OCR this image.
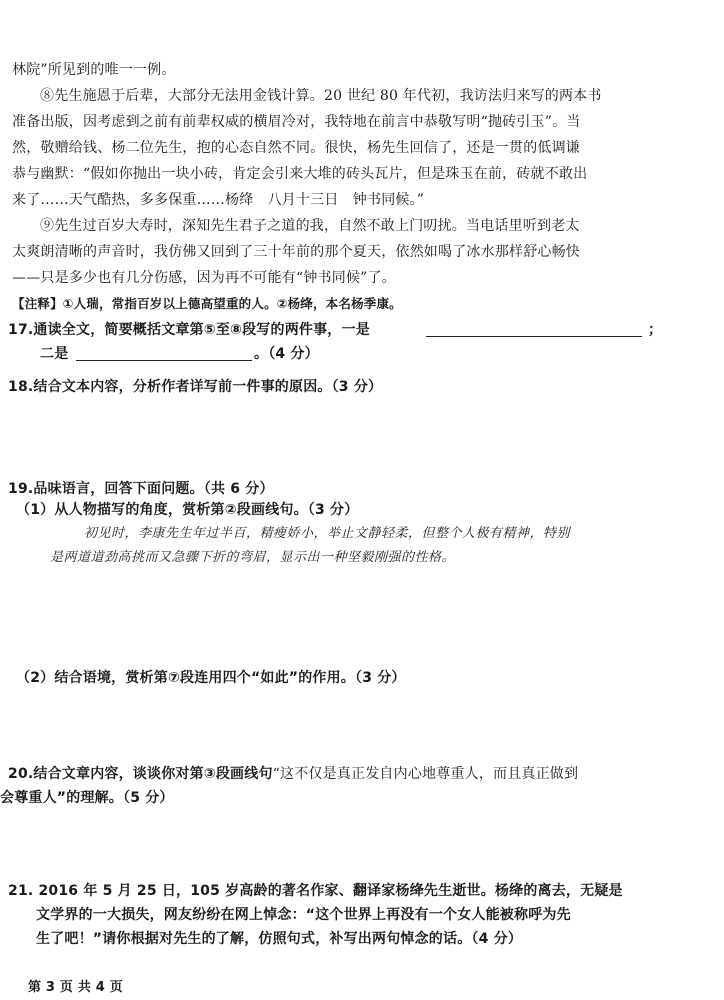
林院”所见到的唯一一例。
⑧先生施恩于后辈，大部分无法用金钱计算。20 世纪 80 年代初，我访法归来写的两本书
准备出版，因考虑到之前有前辈权威的横眉冷对，我特地在前言中恭敬写明“抛砖引玉”。当
然，敬赠给钱、杨二位先生，抱的心态自然不同。很快，杨先生回信了，还是一贯的低调谦
恭与幽默：“假如你抛出一块小砖，肯定会引来大堆的砖头瓦片，但是珠玉在前，砖就不敢出
来了……天气酷热，多多保重……杨绛　八月十三日　钟书同候。”
⑨先生过百岁大寿时，深知先生君子之道的我，自然不敢上门叨扰。当电话里听到老太
太爽朗清晰的声音时，我仿佛又回到了三十年前的那个夏天，依然如喝了冰水那样舒心畅快
——只是多少也有几分伤感，因为再不可能有“钟书同候”了。
【注释】①人瑞，常指百岁以上德高望重的人。②杨绛，本名杨季康。
17.通读全文，简要概括文章第⑤至⑧段写的两件事，一是	；
二是	。（4 分）
18.结合文本内容，分析作者详写前一件事的原因。（3 分）
19.品味语言，回答下面问题。（共 6 分）
（1）从人物描写的角度，赏析第②段画线句。（3 分）
初见时，李康先生年过半百，精瘦娇小，举止文静轻柔，但整个人极有精神，特别
是两道道劲高挑而又急骤下折的弯眉，显示出一种坚毅刚强的性格。
（2）结合语境，赏析第⑦段连用四个“如此”的作用。（3 分）
20.结合文章内容，谈谈你对第③段画线句“这不仅是真正发自内心地尊重人，而且真正做到
会尊重人”的理解。（5 分）
21. 2016 年 5 月 25 日，105 岁高龄的著名作家、翻译家杨绛先生逝世。杨绛的离去，无疑是
文学界的一大损失，网友纷纷在网上悼念：“这个世界上再没有一个女人能被称呼为先
生了吧！”请你根据对先生的了解，仿照句式，补写出两句悼念的话。（4 分）
第 3 页 共 4 页
